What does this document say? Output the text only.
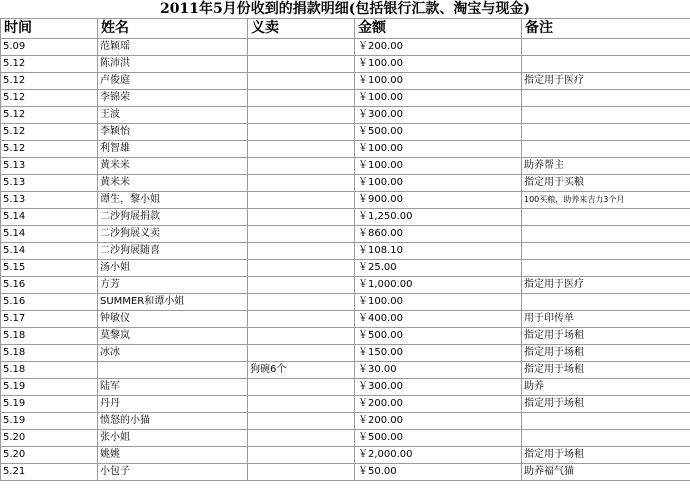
2011年5月份收到的捐款明细(包括银行汇款、淘宝与现金)
时间	姓名	义卖	金额	备注
5.09	范颖瑶		￥200.00	
5.12	陈沛洪		￥100.00	
5.12	卢俊庭		￥100.00	指定用于医疗
5.12	李锦荣		￥100.00	
5.12	王波		￥300.00	
5.12	李颖怡		￥500.00	
5.12	利智雄		￥100.00	
5.13	黄米米		￥100.00	助养帮主
5.13	黄米米		￥100.00	指定用于买粮
5.13	谭生，黎小姐		￥900.00	100买粮，助养来吉力3个月
5.14	二沙狗展捐款		￥1,250.00	
5.14	二沙狗展义卖		￥860.00	
5.14	二沙狗展随喜		￥108.10	
5.15	汤小姐		￥25.00	
5.16	方芳		￥1,000.00	指定用于医疗
5.16	SUMMER和谭小姐		￥100.00	
5.17	钟敏仪		￥400.00	用于印传单
5.18	莫黎岚		￥500.00	指定用于场租
5.18	冰冰		￥150.00	指定用于场租
5.18		狗碗6个	￥30.00	指定用于场租
5.19	陆军		￥300.00	助养
5.19	丹丹		￥200.00	指定用于场租
5.19	愤怒的小猫		￥200.00	
5.20	张小姐		￥500.00	
5.20	姚姚		￥2,000.00	指定用于场租
5.21	小包子		￥50.00	助养福气猫
